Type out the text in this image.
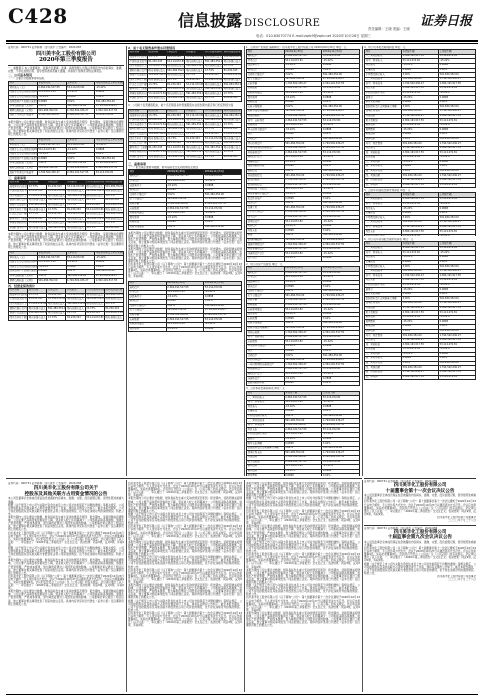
C428	信息披露 DISCLOSURE	证券日报
责任编辑：王晓 美编：王晓
电话：010-63070774 E-mail:zqrb9@zqrb.net 2020年10月28日 星期三
证券代码：000731 证券简称：四川美丰 公告编号：2020-087
四川美丰化工股份有限公司
2020年第三季度报告
一、重要提示 本公司董事会、监事会及董事、监事、高级管理人员保证季度报告内容的真实、准确、完整，不存在虚假记载、误导性陈述或者重大遗漏，并承担个别和连带的法律责任。
二、公司基本情况
（一）主要会计数据和财务指标
项目	本报告期末	上年度末	本报告期末比上年度末增减
营业收入（元）	2,364,191,517.55	53,114,072.81	-15.22%
归属于上市公司股东的净	53,114,072.81	-15.22%	0.0898
归属于上市公司股东的扣除	-15.22%	0.0898	3.02%
经营活动产生的现金流量	0.0898	3.02%	591,484,352.00
基本每股收益（元/股）	3.02%	591,484,352.00	1,794,502,436.27
稀释每股收益（元/股）	591,484,352.00	1,794,502,436.27	2,364,191,517.55
加权平均净资产收益率	1,794,502,436.27	2,364,191,517.55	53,114,072.81
本报告期内公司主要会计数据、财务指标发生重大变动的情况及原因：报告期内，受新冠肺炎疫情影响，公司主要产品销量和价格同比下降，营业收入较上年同期减少；公司积极采取各项措施，加强生产经营管理，严控成本费用，努力降低疫情对公司经营业绩的影响。公司董事会审议通过了相关议案，独立董事对相关事项发表了同意的独立意见。具体内容详见同日刊登在《证券日报》及巨潮资讯网上的相关公告。
项目	本报告期末	上年度末	本报告期末比上年度末增减
营业收入（元）	2,364,191,517.55	53,114,072.81	-15.22%
归属于上市公司股东的净	53,114,072.81	-15.22%	0.0898
归属于上市公司股东的扣除	-15.22%	0.0898	3.02%
经营活动产生的现金流量	0.0898	3.02%	591,484,352.00
基本每股收益（元/股）	3.02%	591,484,352.00	1,794,502,436.27
稀释每股收益（元/股）	591,484,352.00	1,794,502,436.27	2,364,191,517.55
加权平均净资产收益率	1,794,502,436.27	2,364,191,517.55	53,114,072.81
三、重要事项
股东名称	股东性质	持股比例	持股数量	持有有限售条件	质押或冻结情况
成都华川石油天然	13.73%	81,230,343	53,114,072.81	境内非国有法人	591,484,352.00
中国石油天然气	81,230,343	53,114,072.81	境内非国有法人	591,484,352.00	境内非国有法人
四川省成都市美	53,114,072.81	境内非国有法人	591,484,352.00	境内非国有法人	13.73%
德阳市国有资产	境内非国有法人	591,484,352.00	境内非国有法人	13.73%	81,230,343
香港中央结算有	591,484,352.00	境内非国有法人	13.73%	81,230,343	53,114,072.81
四川美丰化工股	境内非国有法人	13.73%	81,230,343	53,114,072.81	境内非国有法人
中央汇金资产管	13.73%	81,230,343	53,114,072.81	境内非国有法人	591,484,352.00
鹏华基金-工商银	81,230,343	53,114,072.81	境内非国有法人	591,484,352.00	境内非国有法人
华泰证券股份有	53,114,072.81	境内非国有法人	591,484,352.00	境内非国有法人	13.73%
全国社保基金一	境内非国有法人	591,484,352.00	境内非国有法人	13.73%	81,230,343
本报告期内公司主要会计数据、财务指标发生重大变动的情况及原因：报告期内，受新冠肺炎疫情影响，公司主要产品销量和价格同比下降，营业收入较上年同期减少；公司积极采取各项措施，加强生产经营管理，严控成本费用，努力降低疫情对公司经营业绩的影响。公司董事会审议通过了相关议案，独立董事对相关事项发表了同意的独立意见。具体内容详见同日刊登在《证券日报》及巨潮资讯网上的相关公告。
项目	本报告期末	上年度末	本报告期末比上年度末增减
营业收入（元）	2,364,191,517.55	53,114,072.81	-15.22%
归属于上市公司股东的净	53,114,072.81	-15.22%	0.0898
归属于上市公司股东的扣除	-15.22%	0.0898	3.02%
经营活动产生的现金流量	0.0898	3.02%	591,484,352.00
基本每股收益（元/股）	3.02%	591,484,352.00	1,794,502,436.27
稀释每股收益（元/股）	591,484,352.00	1,794,502,436.27	2,364,191,517.55
四、经营业绩的预计
股东名称	股东性质	持股比例	持股数量	持有有限售条件	质押或冻结情况
成都华川石油天然	13.73%	81,230,343	53,114,072.81	境内非国有法人	591,484,352.00
中国石油天然气	81,230,343	53,114,072.81	境内非国有法人	591,484,352.00	境内非国有法人
四川省成都市美	53,114,072.81	境内非国有法人	591,484,352.00	境内非国有法人	13.73%
德阳市国有资产	境内非国有法人	591,484,352.00	境内非国有法人	13.73%	81,230,343
香港中央结算有	591,484,352.00	境内非国有法人	13.73%	81,230,343	53,114,072.81
四川美丰化工股	境内非国有法人	13.73%	81,230,343	53,114,072.81	境内非国有法人
2、前十名无限售条件股东持股情况
股东名称	股东性质	持股比例	持股数量	持有有限售条件	质押或冻结情况
成都华川石油天然	13.73%	81,230,343	53,114,072.81	境内非国有法人	591,484,352.00
中国石油天然气	81,230,343	53,114,072.81	境内非国有法人	591,484,352.00	境内非国有法人
四川省成都市美	53,114,072.81	境内非国有法人	591,484,352.00	境内非国有法人	13.73%
德阳市国有资产	境内非国有法人	591,484,352.00	境内非国有法人	13.73%	81,230,343
香港中央结算有	591,484,352.00	境内非国有法人	13.73%	81,230,343	53,114,072.81
四川美丰化工股	境内非国有法人	13.73%	81,230,343	53,114,072.81	境内非国有法人
中央汇金资产管	13.73%	81,230,343	53,114,072.81	境内非国有法人	591,484,352.00
鹏华基金-工商银	81,230,343	53,114,072.81	境内非国有法人	591,484,352.00	境内非国有法人
华泰证券股份有	53,114,072.81	境内非国有法人	591,484,352.00	境内非国有法人	13.73%
全国社保基金一	境内非国有法人	591,484,352.00	境内非国有法人	13.73%	81,230,343
3、公司前十名普通股股东、前十名无限售条件普通股股东在报告期内是否进行约定购回交易
股东名称	股东性质	持股比例	持股数量	持有有限售条件	质押或冻结情况
成都华川石油天然	13.73%	81,230,343	53,114,072.81	境内非国有法人	591,484,352.00
中国石油天然气	81,230,343	53,114,072.81	境内非国有法人	591,484,352.00	境内非国有法人
四川省成都市美	53,114,072.81	境内非国有法人	591,484,352.00	境内非国有法人	13.73%
德阳市国有资产	境内非国有法人	591,484,352.00	境内非国有法人	13.73%	81,230,343
香港中央结算有	591,484,352.00	境内非国有法人	13.73%	81,230,343	53,114,072.81
四川美丰化工股	境内非国有法人	13.73%	81,230,343	53,114,072.81	境内非国有法人
中央汇金资产管	13.73%	81,230,343	53,114,072.81	境内非国有法人	591,484,352.00
鹏华基金-工商银	81,230,343	53,114,072.81	境内非国有法人	591,484,352.00	境内非国有法人
华泰证券股份有	53,114,072.81	境内非国有法人	591,484,352.00	境内非国有法人	13.73%
全国社保基金一	境内非国有法人	591,484,352.00	境内非国有法人	13.73%	81,230,343
三、重要事项
（一）报告期主要财务数据、财务指标发生变动的情况及原因
项目	2020年9月30日	2019年12月31日
流动资产：	2,364,191,517.55	53,114,072.81
货币资金	53,114,072.81	-15.22%
结算备付金	-15.22%	0.0898
拆出资金	0.0898	3.02%
交易性金融资产	3.02%	591,484,352.00
衍生金融资产	591,484,352.00	1,794,502,436.27
应收票据	1,794,502,436.27	2,364,191,517.55
应收账款	2,364,191,517.55	53,114,072.81
应收款项融资	53,114,072.81	-15.22%
预付款项	-15.22%	0.0898
应收保费	0.0898	3.02%
应收分保账款	3.02%	591,484,352.00
本报告期内公司主要会计数据、财务指标发生重大变动的情况及原因：报告期内，受新冠肺炎疫情影响，公司主要产品销量和价格同比下降，营业收入较上年同期减少；公司积极采取各项措施，加强生产经营管理，严控成本费用，努力降低疫情对公司经营业绩的影响。公司董事会审议通过了相关议案，独立董事对相关事项发表了同意的独立意见。具体内容详见同日刊登在《证券日报》及巨潮资讯网上的相关公告。
本报告期内公司主要会计数据、财务指标发生重大变动的情况及原因：报告期内，受新冠肺炎疫情影响，公司主要产品销量和价格同比下降，营业收入较上年同期减少；公司积极采取各项措施，加强生产经营管理，严控成本费用，努力降低疫情对公司经营业绩的影响。公司董事会审议通过了相关议案，独立董事对相关事项发表了同意的独立意见。具体内容详见同日刊登在《证券日报》及巨潮资讯网上的相关公告。
四川美丰化工股份有限公司（以下简称“公司”）第十届董事会第十一次会议通知于2020年10月23日以电子邮件、专人送达等方式发出，会议于2020年10月27日以通讯表决方式召开。会议应出席董事9名，实际出席董事9名。会议的召开符合《公司法》及《公司章程》的有关规定。会议审议通过了以下议案：一、审议通过了《2020年第三季度报告》全文及正文；表决结果：同意9票，反对0票，弃权0票。
项目	2020年9月30日	2019年12月31日
流动资产：	2,364,191,517.55	53,114,072.81
货币资金	53,114,072.81	-15.22%
结算备付金	-15.22%	0.0898
拆出资金	0.0898	3.02%
交易性金融资产	3.02%	591,484,352.00
衍生金融资产	591,484,352.00	1,794,502,436.27
应收票据	1,794,502,436.27	2,364,191,517.55
应收账款	2,364,191,517.55	53,114,072.81
应收款项融资	53,114,072.81	-15.22%
预付款项	-15.22%	0.0898
1、合并资产负债表 编制单位：四川美丰化工股份有限公司 2020年09月30日 单位：元
项目	2020年9月30日	2019年12月31日
流动资产：	2,364,191,517.55	53,114,072.81
货币资金	53,114,072.81	-15.22%
结算备付金	-15.22%	0.0898
拆出资金	0.0898	3.02%
交易性金融资产	3.02%	591,484,352.00
衍生金融资产	591,484,352.00	1,794,502,436.27
应收票据	1,794,502,436.27	2,364,191,517.55
应收账款	2,364,191,517.55	53,114,072.81
应收款项融资	53,114,072.81	-15.22%
预付款项	-15.22%	0.0898
应收保费	0.0898	3.02%
应收分保账款	3.02%	591,484,352.00
应收分保合同准备金	591,484,352.00	1,794,502,436.27
其他应收款	1,794,502,436.27	2,364,191,517.55
其中：应收利息	2,364,191,517.55	53,114,072.81
应收股利	53,114,072.81	-15.22%
买入返售金融资产	-15.22%	0.0898
存货	0.0898	3.02%
合同资产	3.02%	591,484,352.00
持有待售资产	591,484,352.00	1,794,502,436.27
一年内到期的非流动资产	1,794,502,436.27	2,364,191,517.55
其他流动资产	2,364,191,517.55	53,114,072.81
流动资产合计	53,114,072.81	-15.22%
非流动资产：	-15.22%	0.0898
发放贷款和垫款	0.0898	3.02%
债权投资	3.02%	591,484,352.00
其他债权投资	591,484,352.00	1,794,502,436.27
长期应收款	1,794,502,436.27	2,364,191,517.55
长期股权投资	2,364,191,517.55	53,114,072.81
其他权益工具投资	53,114,072.81	-15.22%
其他非流动金融资产	-15.22%	0.0898
投资性房地产	0.0898	3.02%
固定资产	3.02%	591,484,352.00
在建工程	591,484,352.00	1,794,502,436.27
生产性生物资产	1,794,502,436.27	2,364,191,517.55
油气资产	2,364,191,517.55	53,114,072.81
使用权资产	53,114,072.81	-15.22%
无形资产	-15.22%	0.0898
开发支出	0.0898	3.02%
商誉	3.02%	591,484,352.00
长期待摊费用	591,484,352.00	1,794,502,436.27
递延所得税资产	1,794,502,436.27	2,364,191,517.55
其他非流动资产	2,364,191,517.55	53,114,072.81
非流动资产合计	53,114,072.81	-15.22%
资产总计	-15.22%	0.0898
2、母公司资产负债表 单位：元
项目	2020年9月30日	2019年12月31日
流动资产：	2,364,191,517.55	53,114,072.81
货币资金	53,114,072.81	-15.22%
结算备付金	-15.22%	0.0898
拆出资金	0.0898	3.02%
交易性金融资产	3.02%	591,484,352.00
衍生金融资产	591,484,352.00	1,794,502,436.27
应收票据	1,794,502,436.27	2,364,191,517.55
应收账款	2,364,191,517.55	53,114,072.81
应收款项融资	53,114,072.81	-15.22%
预付款项	-15.22%	0.0898
应收保费	0.0898	3.02%
应收分保账款	3.02%	591,484,352.00
应收分保合同准备金	591,484,352.00	1,794,502,436.27
其他应收款	1,794,502,436.27	2,364,191,517.55
其中：应收利息	2,364,191,517.55	53,114,072.81
应收股利	53,114,072.81	-15.22%
买入返售金融资产	-15.22%	0.0898
存货	0.0898	3.02%
合同资产	3.02%	591,484,352.00
持有待售资产	591,484,352.00	1,794,502,436.27
一年内到期的非流动资产	1,794,502,436.27	2,364,191,517.55
其他流动资产	2,364,191,517.55	53,114,072.81
流动资产合计	53,114,072.81	-15.22%
非流动资产：	-15.22%	0.0898
发放贷款和垫款	0.0898	3.02%
3、合并本报告期利润表 单位：元
项目	本期发生额	上期发生额
一、营业总收入	2,364,191,517.55	53,114,072.81
其中：营业收入	53,114,072.81	-15.22%
利息收入	-15.22%	0.0898
已赚保费	0.0898	3.02%
手续费及佣金收入	3.02%	591,484,352.00
二、营业总成本	591,484,352.00	1,794,502,436.27
其中：营业成本	1,794,502,436.27	2,364,191,517.55
利息支出	2,364,191,517.55	53,114,072.81
手续费及佣金支出	53,114,072.81	-15.22%
退保金	-15.22%	0.0898
赔付支出净额	0.0898	3.02%
提取保险责任合同准备金净额	3.02%	591,484,352.00
保单红利支出	591,484,352.00	1,794,502,436.27
分保费用	1,794,502,436.27	2,364,191,517.55
税金及附加	2,364,191,517.55	53,114,072.81
销售费用	53,114,072.81	-15.22%
管理费用	-15.22%	0.0898
研发费用	0.0898	3.02%

4、母公司本报告期利润表 单位：元
项目	本期发生额	上期发生额
一、营业总收入	2,364,191,517.55	53,114,072.81
其中：营业收入	53,114,072.81	-15.22%
利息收入	-15.22%	0.0898
已赚保费	0.0898	3.02%
手续费及佣金收入	3.02%	591,484,352.00
二、营业总成本	591,484,352.00	1,794,502,436.27
其中：营业成本	1,794,502,436.27	2,364,191,517.55
利息支出	2,364,191,517.55	53,114,072.81
手续费及佣金支出	53,114,072.81	-15.22%
退保金	-15.22%	0.0898
赔付支出净额	0.0898	3.02%
提取保险责任合同准备金净额	3.02%	591,484,352.00
保单红利支出	591,484,352.00	1,794,502,436.27
分保费用	1,794,502,436.27	2,364,191,517.55
税金及附加	2,364,191,517.55	53,114,072.81
销售费用	53,114,072.81	-15.22%
管理费用	-15.22%	0.0898
研发费用	0.0898	3.02%
财务费用	3.02%	591,484,352.00
其中：利息费用	591,484,352.00	1,794,502,436.27
利息收入	1,794,502,436.27	2,364,191,517.55
加：其他收益	2,364,191,517.55	53,114,072.81
投资收益	53,114,072.81	-15.22%
三、营业利润	-15.22%	0.0898
加：营业外收入	0.0898	3.02%
减：营业外支出	3.02%	591,484,352.00
四、利润总额	591,484,352.00	1,794,502,436.27
减：所得税费用	1,794,502,436.27	2,364,191,517.55
五、净利润	2,364,191,517.55	53,114,072.81
5、合并年初到报告期末利润表 单位：元
项目	本期发生额	上期发生额
一、营业总收入	2,364,191,517.55	53,114,072.81
其中：营业收入	53,114,072.81	-15.22%
利息收入	-15.22%	0.0898
已赚保费	0.0898	3.02%
手续费及佣金收入	3.02%	591,484,352.00
二、营业总成本	591,484,352.00	1,794,502,436.27
其中：营业成本	1,794,502,436.27	2,364,191,517.55
利息支出	2,364,191,517.55	53,114,072.81
手续费及佣金支出	53,114,072.81	-15.22%

6、母公司年初到报告期末利润表 单位：元
项目	本期发生额	上期发生额
一、营业总收入	2,364,191,517.55	53,114,072.81
其中：营业收入	53,114,072.81	-15.22%
利息收入	-15.22%	0.0898
已赚保费	0.0898	3.02%
手续费及佣金收入	3.02%	591,484,352.00
二、营业总成本	591,484,352.00	1,794,502,436.27
其中：营业成本	1,794,502,436.27	2,364,191,517.55
利息支出	2,364,191,517.55	53,114,072.81
手续费及佣金支出	53,114,072.81	-15.22%
退保金	-15.22%	0.0898
赔付支出净额	0.0898	3.02%
提取保险责任合同准备金净额	3.02%	591,484,352.00
保单红利支出	591,484,352.00	1,794,502,436.27
分保费用	1,794,502,436.27	2,364,191,517.55
税金及附加	2,364,191,517.55	53,114,072.81
销售费用	53,114,072.81	-15.22%
管理费用	-15.22%	0.0898
研发费用	0.0898	3.02%
财务费用	3.02%	591,484,352.00
其中：利息费用	591,484,352.00	1,794,502,436.27
利息收入	1,794,502,436.27	2,364,191,517.55
加：其他收益	2,364,191,517.55	53,114,072.81
投资收益	53,114,072.81	-15.22%
三、营业利润	-15.22%	0.0898
加：营业外收入	0.0898	3.02%
减：营业外支出	3.02%	591,484,352.00
四、利润总额	591,484,352.00	1,794,502,436.27
减：所得税费用	1,794,502,436.27	2,364,191,517.55
五、净利润	2,364,191,517.55	53,114,072.81
证券代码：000731 证券简称：四川美丰 公告编号：2020-085
四川美丰化工股份有限公司
十届董事会第十一次会议决议公告
本公司及董事会全体成员保证信息披露的内容真实、准确、完整，没有虚假记载、误导性陈述或重大遗漏。
四川美丰化工股份有限公司（以下简称“公司”）第十届董事会第十一次会议通知于2020年10月23日以电子邮件、专人送达等方式发出，会议于2020年10月27日以通讯表决方式召开。会议应出席董事9名，实际出席董事9名。会议的召开符合《公司法》及《公司章程》的有关规定。会议审议通过了以下议案：一、审议通过了《2020年第三季度报告》全文及正文；表决结果：同意9票，反对0票，弃权0票。
四川美丰化工股份有限公司董事会
二〇二〇年十月二十八日
证券代码：000731 证券简称：四川美丰 公告编号：2020-086
四川美丰化工股份有限公司
十届监事会第九次会议决议公告
本公司及监事会全体成员保证信息披露的内容真实、准确、完整，没有虚假记载、误导性陈述或重大遗漏。
四川美丰化工股份有限公司（以下简称“公司”）第十届董事会第十一次会议通知于2020年10月23日以电子邮件、专人送达等方式发出，会议于2020年10月27日以通讯表决方式召开。会议应出席董事9名，实际出席董事9名。会议的召开符合《公司法》及《公司章程》的有关规定。会议审议通过了以下议案：一、审议通过了《2020年第三季度报告》全文及正文；表决结果：同意9票，反对0票，弃权0票。
根据《关于规范上市公司与关联方资金往来及上市公司对外担保若干问题的通知》等相关规定，公司对控股股东及其他关联方占用资金情况进行了自查，现将有关情况公告如下：截至本报告期末，公司不存在控股股东及其他关联方非经营性占用公司资金的情况，也不存在违规对外担保的情况。特此公告。
四川美丰化工股份有限公司监事会
二〇二〇年十月二十八日
证券代码：000731 证券简称：四川美丰 公告编号：2020-088
四川美丰化工股份有限公司关于
控股东及其他关联方占用资金情况的公告
本公司及董事会全体成员保证信息披露的内容真实、准确、完整，没有虚假记载、误导性陈述或重大遗漏。
根据《关于规范上市公司与关联方资金往来及上市公司对外担保若干问题的通知》等相关规定，公司对控股股东及其他关联方占用资金情况进行了自查，现将有关情况公告如下：截至本报告期末，公司不存在控股股东及其他关联方非经营性占用公司资金的情况，也不存在违规对外担保的情况。特此公告。
本报告期内公司主要会计数据、财务指标发生重大变动的情况及原因：报告期内，受新冠肺炎疫情影响，公司主要产品销量和价格同比下降，营业收入较上年同期减少；公司积极采取各项措施，加强生产经营管理，严控成本费用，努力降低疫情对公司经营业绩的影响。公司董事会审议通过了相关议案，独立董事对相关事项发表了同意的独立意见。具体内容详见同日刊登在《证券日报》及巨潮资讯网上的相关公告。
四川美丰化工股份有限公司（以下简称“公司”）第十届董事会第十一次会议通知于2020年10月23日以电子邮件、专人送达等方式发出，会议于2020年10月27日以通讯表决方式召开。会议应出席董事9名，实际出席董事9名。会议的召开符合《公司法》及《公司章程》的有关规定。会议审议通过了以下议案：一、审议通过了《2020年第三季度报告》全文及正文；表决结果：同意9票，反对0票，弃权0票。
根据《关于规范上市公司与关联方资金往来及上市公司对外担保若干问题的通知》等相关规定，公司对控股股东及其他关联方占用资金情况进行了自查，现将有关情况公告如下：截至本报告期末，公司不存在控股股东及其他关联方非经营性占用公司资金的情况，也不存在违规对外担保的情况。特此公告。
本报告期内公司主要会计数据、财务指标发生重大变动的情况及原因：报告期内，受新冠肺炎疫情影响，公司主要产品销量和价格同比下降，营业收入较上年同期减少；公司积极采取各项措施，加强生产经营管理，严控成本费用，努力降低疫情对公司经营业绩的影响。公司董事会审议通过了相关议案，独立董事对相关事项发表了同意的独立意见。具体内容详见同日刊登在《证券日报》及巨潮资讯网上的相关公告。
四川美丰化工股份有限公司（以下简称“公司”）第十届董事会第十一次会议通知于2020年10月23日以电子邮件、专人送达等方式发出，会议于2020年10月27日以通讯表决方式召开。会议应出席董事9名，实际出席董事9名。会议的召开符合《公司法》及《公司章程》的有关规定。会议审议通过了以下议案：一、审议通过了《2020年第三季度报告》全文及正文；表决结果：同意9票，反对0票，弃权0票。
本报告期内公司主要会计数据、财务指标发生重大变动的情况及原因：报告期内，受新冠肺炎疫情影响，公司主要产品销量和价格同比下降，营业收入较上年同期减少；公司积极采取各项措施，加强生产经营管理，严控成本费用，努力降低疫情对公司经营业绩的影响。公司董事会审议通过了相关议案，独立董事对相关事项发表了同意的独立意见。具体内容详见同日刊登在《证券日报》及巨潮资讯网上的相关公告。
四川美丰化工股份有限公司（以下简称“公司”）第十届董事会第十一次会议通知于2020年10月23日以电子邮件、专人送达等方式发出，会议于2020年10月27日以通讯表决方式召开。会议应出席董事9名，实际出席董事9名。会议的召开符合《公司法》及《公司章程》的有关规定。会议审议通过了以下议案：一、审议通过了《2020年第三季度报告》全文及正文；表决结果：同意9票，反对0票，弃权0票。
本报告期内公司主要会计数据、财务指标发生重大变动的情况及原因：报告期内，受新冠肺炎疫情影响，公司主要产品销量和价格同比下降，营业收入较上年同期减少；公司积极采取各项措施，加强生产经营管理，严控成本费用，努力降低疫情对公司经营业绩的影响。公司董事会审议通过了相关议案，独立董事对相关事项发表了同意的独立意见。具体内容详见同日刊登在《证券日报》及巨潮资讯网上的相关公告。
根据《关于规范上市公司与关联方资金往来及上市公司对外担保若干问题的通知》等相关规定，公司对控股股东及其他关联方占用资金情况进行了自查，现将有关情况公告如下：截至本报告期末，公司不存在控股股东及其他关联方非经营性占用公司资金的情况，也不存在违规对外担保的情况。特此公告。
四川美丰化工股份有限公司（以下简称“公司”）第十届董事会第十一次会议通知于2020年10月23日以电子邮件、专人送达等方式发出，会议于2020年10月27日以通讯表决方式召开。会议应出席董事9名，实际出席董事9名。会议的召开符合《公司法》及《公司章程》的有关规定。会议审议通过了以下议案：一、审议通过了《2020年第三季度报告》全文及正文；表决结果：同意9票，反对0票，弃权0票。
本报告期内公司主要会计数据、财务指标发生重大变动的情况及原因：报告期内，受新冠肺炎疫情影响，公司主要产品销量和价格同比下降，营业收入较上年同期减少；公司积极采取各项措施，加强生产经营管理，严控成本费用，努力降低疫情对公司经营业绩的影响。公司董事会审议通过了相关议案，独立董事对相关事项发表了同意的独立意见。具体内容详见同日刊登在《证券日报》及巨潮资讯网上的相关公告。
根据《关于规范上市公司与关联方资金往来及上市公司对外担保若干问题的通知》等相关规定，公司对控股股东及其他关联方占用资金情况进行了自查，现将有关情况公告如下：截至本报告期末，公司不存在控股股东及其他关联方非经营性占用公司资金的情况，也不存在违规对外担保的情况。特此公告。
四川美丰化工股份有限公司（以下简称“公司”）第十届董事会第十一次会议通知于2020年10月23日以电子邮件、专人送达等方式发出，会议于2020年10月27日以通讯表决方式召开。会议应出席董事9名，实际出席董事9名。会议的召开符合《公司法》及《公司章程》的有关规定。会议审议通过了以下议案：一、审议通过了《2020年第三季度报告》全文及正文；表决结果：同意9票，反对0票，弃权0票。
本报告期内公司主要会计数据、财务指标发生重大变动的情况及原因：报告期内，受新冠肺炎疫情影响，公司主要产品销量和价格同比下降，营业收入较上年同期减少；公司积极采取各项措施，加强生产经营管理，严控成本费用，努力降低疫情对公司经营业绩的影响。公司董事会审议通过了相关议案，独立董事对相关事项发表了同意的独立意见。具体内容详见同日刊登在《证券日报》及巨潮资讯网上的相关公告。
根据《关于规范上市公司与关联方资金往来及上市公司对外担保若干问题的通知》等相关规定，公司对控股股东及其他关联方占用资金情况进行了自查，现将有关情况公告如下：截至本报告期末，公司不存在控股股东及其他关联方非经营性占用公司资金的情况，也不存在违规对外担保的情况。特此公告。
四川美丰化工股份有限公司（以下简称“公司”）第十届董事会第十一次会议通知于2020年10月23日以电子邮件、专人送达等方式发出，会议于2020年10月27日以通讯表决方式召开。会议应出席董事9名，实际出席董事9名。会议的召开符合《公司法》及《公司章程》的有关规定。会议审议通过了以下议案：一、审议通过了《2020年第三季度报告》全文及正文；表决结果：同意9票，反对0票，弃权0票。
本报告期内公司主要会计数据、财务指标发生重大变动的情况及原因：报告期内，受新冠肺炎疫情影响，公司主要产品销量和价格同比下降，营业收入较上年同期减少；公司积极采取各项措施，加强生产经营管理，严控成本费用，努力降低疫情对公司经营业绩的影响。公司董事会审议通过了相关议案，独立董事对相关事项发表了同意的独立意见。具体内容详见同日刊登在《证券日报》及巨潮资讯网上的相关公告。
根据《关于规范上市公司与关联方资金往来及上市公司对外担保若干问题的通知》等相关规定，公司对控股股东及其他关联方占用资金情况进行了自查，现将有关情况公告如下：截至本报告期末，公司不存在控股股东及其他关联方非经营性占用公司资金的情况，也不存在违规对外担保的情况。特此公告。
四川美丰化工股份有限公司（以下简称“公司”）第十届董事会第十一次会议通知于2020年10月23日以电子邮件、专人送达等方式发出，会议于2020年10月27日以通讯表决方式召开。会议应出席董事9名，实际出席董事9名。会议的召开符合《公司法》及《公司章程》的有关规定。会议审议通过了以下议案：一、审议通过了《2020年第三季度报告》全文及正文；表决结果：同意9票，反对0票，弃权0票。
本报告期内公司主要会计数据、财务指标发生重大变动的情况及原因：报告期内，受新冠肺炎疫情影响，公司主要产品销量和价格同比下降，营业收入较上年同期减少；公司积极采取各项措施，加强生产经营管理，严控成本费用，努力降低疫情对公司经营业绩的影响。公司董事会审议通过了相关议案，独立董事对相关事项发表了同意的独立意见。具体内容详见同日刊登在《证券日报》及巨潮资讯网上的相关公告。
根据《关于规范上市公司与关联方资金往来及上市公司对外担保若干问题的通知》等相关规定，公司对控股股东及其他关联方占用资金情况进行了自查，现将有关情况公告如下：截至本报告期末，公司不存在控股股东及其他关联方非经营性占用公司资金的情况，也不存在违规对外担保的情况。特此公告。
四川美丰化工股份有限公司（以下简称“公司”）第十届董事会第十一次会议通知于2020年10月23日以电子邮件、专人送达等方式发出，会议于2020年10月27日以通讯表决方式召开。会议应出席董事9名，实际出席董事9名。会议的召开符合《公司法》及《公司章程》的有关规定。会议审议通过了以下议案：一、审议通过了《2020年第三季度报告》全文及正文；表决结果：同意9票，反对0票，弃权0票。
本报告期内公司主要会计数据、财务指标发生重大变动的情况及原因：报告期内，受新冠肺炎疫情影响，公司主要产品销量和价格同比下降，营业收入较上年同期减少；公司积极采取各项措施，加强生产经营管理，严控成本费用，努力降低疫情对公司经营业绩的影响。公司董事会审议通过了相关议案，独立董事对相关事项发表了同意的独立意见。具体内容详见同日刊登在《证券日报》及巨潮资讯网上的相关公告。
根据《关于规范上市公司与关联方资金往来及上市公司对外担保若干问题的通知》等相关规定，公司对控股股东及其他关联方占用资金情况进行了自查，现将有关情况公告如下：截至本报告期末，公司不存在控股股东及其他关联方非经营性占用公司资金的情况，也不存在违规对外担保的情况。特此公告。
四川美丰化工股份有限公司（以下简称“公司”）第十届董事会第十一次会议通知于2020年10月23日以电子邮件、专人送达等方式发出，会议于2020年10月27日以通讯表决方式召开。会议应出席董事9名，实际出席董事9名。会议的召开符合《公司法》及《公司章程》的有关规定。会议审议通过了以下议案：一、审议通过了《2020年第三季度报告》全文及正文；表决结果：同意9票，反对0票，弃权0票。
本报告期内公司主要会计数据、财务指标发生重大变动的情况及原因：报告期内，受新冠肺炎疫情影响，公司主要产品销量和价格同比下降，营业收入较上年同期减少；公司积极采取各项措施，加强生产经营管理，严控成本费用，努力降低疫情对公司经营业绩的影响。公司董事会审议通过了相关议案，独立董事对相关事项发表了同意的独立意见。具体内容详见同日刊登在《证券日报》及巨潮资讯网上的相关公告。
